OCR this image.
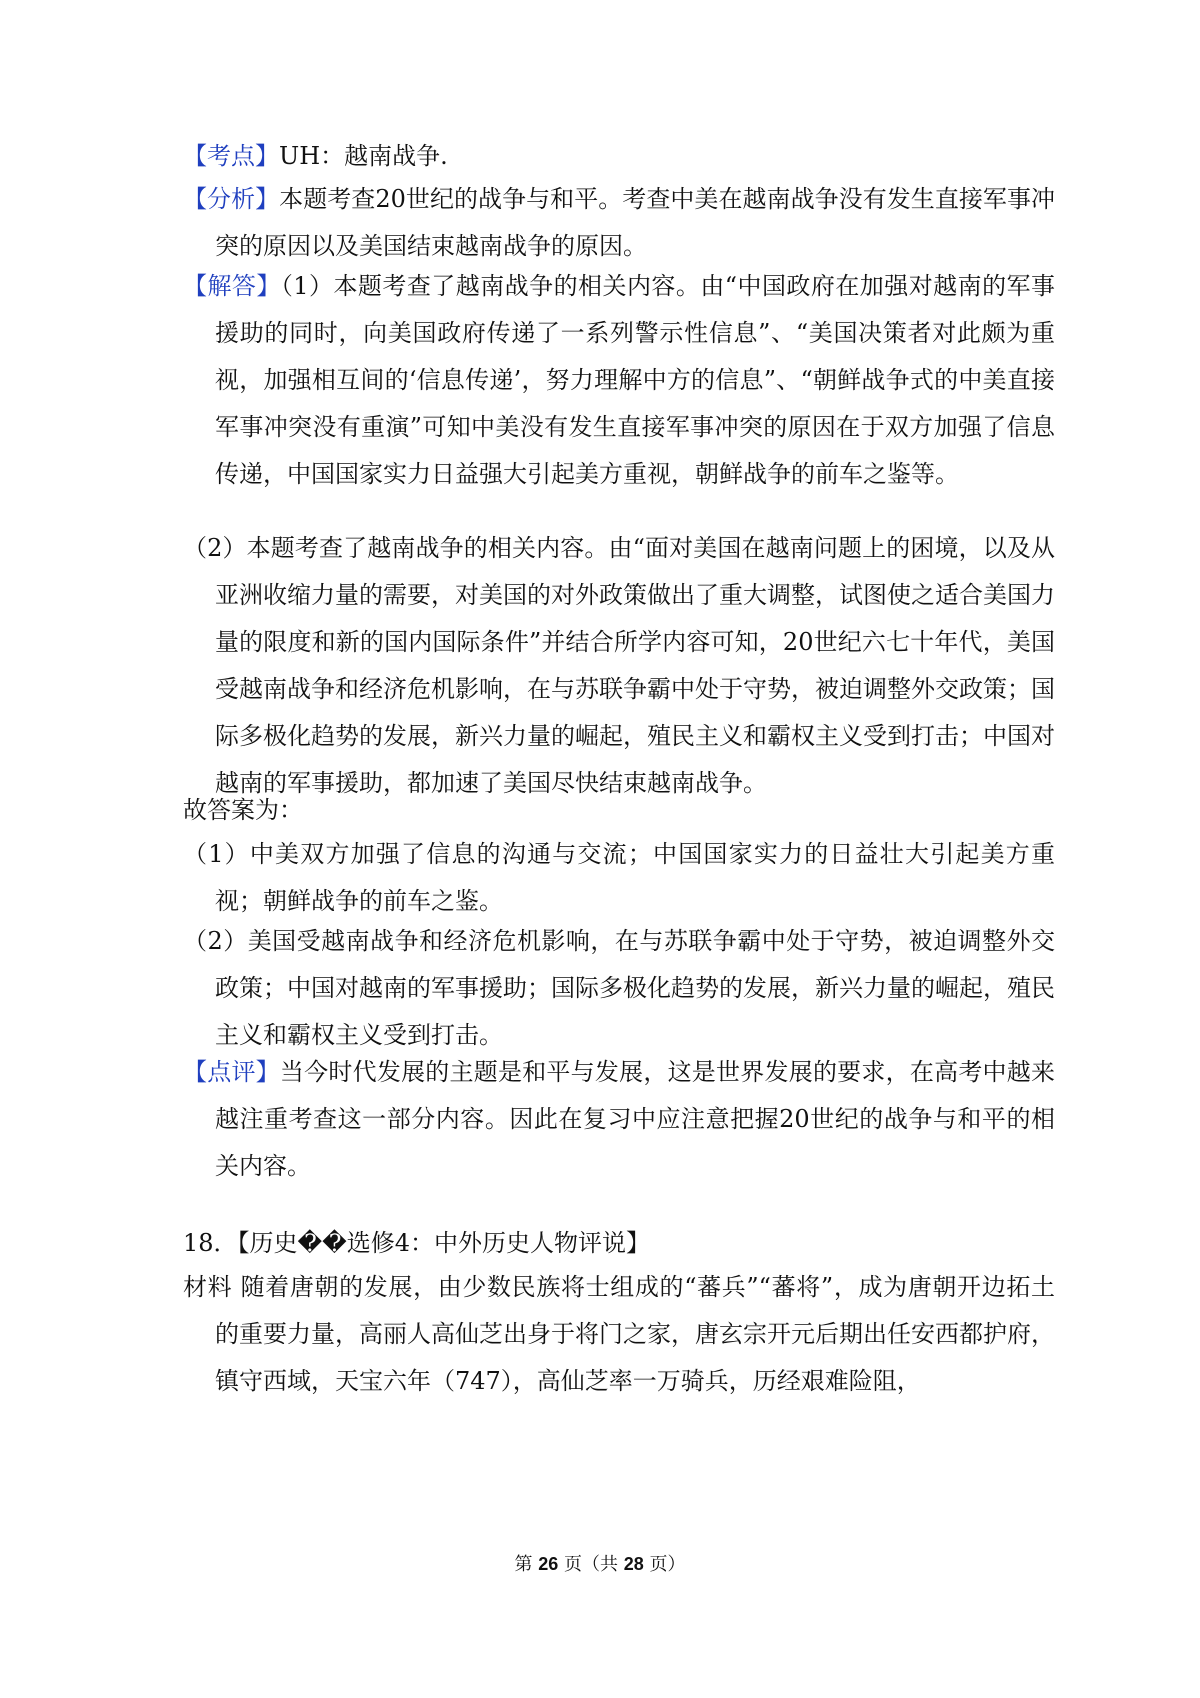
【考点】UH：越南战争.

【分析】本题考查20世纪的战争与和平。考查中美在越南战争没有发生直接军事冲突的原因以及美国结束越南战争的原因。

【解答】（1）本题考查了越南战争的相关内容。由“中国政府在加强对越南的军事援助的同时，向美国政府传递了一系列警示性信息”、“美国决策者对此颇为重视，加强相互间的‘信息传递’，努力理解中方的信息”、“朝鲜战争式的中美直接军事冲突没有重演”可知中美没有发生直接军事冲突的原因在于双方加强了信息传递，中国国家实力日益强大引起美方重视，朝鲜战争的前车之鉴等。

（2）本题考查了越南战争的相关内容。由“面对美国在越南问题上的困境，以及从亚洲收缩力量的需要，对美国的对外政策做出了重大调整，试图使之适合美国力量的限度和新的国内国际条件”并结合所学内容可知，20世纪六七十年代，美国受越南战争和经济危机影响，在与苏联争霸中处于守势，被迫调整外交政策；国际多极化趋势的发展，新兴力量的崛起，殖民主义和霸权主义受到打击；中国对越南的军事援助，都加速了美国尽快结束越南战争。

故答案为：

（1）中美双方加强了信息的沟通与交流；中国国家实力的日益壮大引起美方重视；朝鲜战争的前车之鉴。

（2）美国受越南战争和经济危机影响，在与苏联争霸中处于守势，被迫调整外交政策；中国对越南的军事援助；国际多极化趋势的发展，新兴力量的崛起，殖民主义和霸权主义受到打击。

【点评】当今时代发展的主题是和平与发展，这是世界发展的要求，在高考中越来越注重考查这一部分内容。因此在复习中应注意把握20世纪的战争与和平的相关内容。

18．【历史��选修4：中外历史人物评说】

材料 随着唐朝的发展，由少数民族将士组成的“蕃兵”“蕃将”，成为唐朝开边拓土的重要力量，高丽人高仙芝出身于将门之家，唐玄宗开元后期出任安西都护府，镇守西域，天宝六年（747），高仙芝率一万骑兵，历经艰难险阻，

第 26 页（共 28 页）
